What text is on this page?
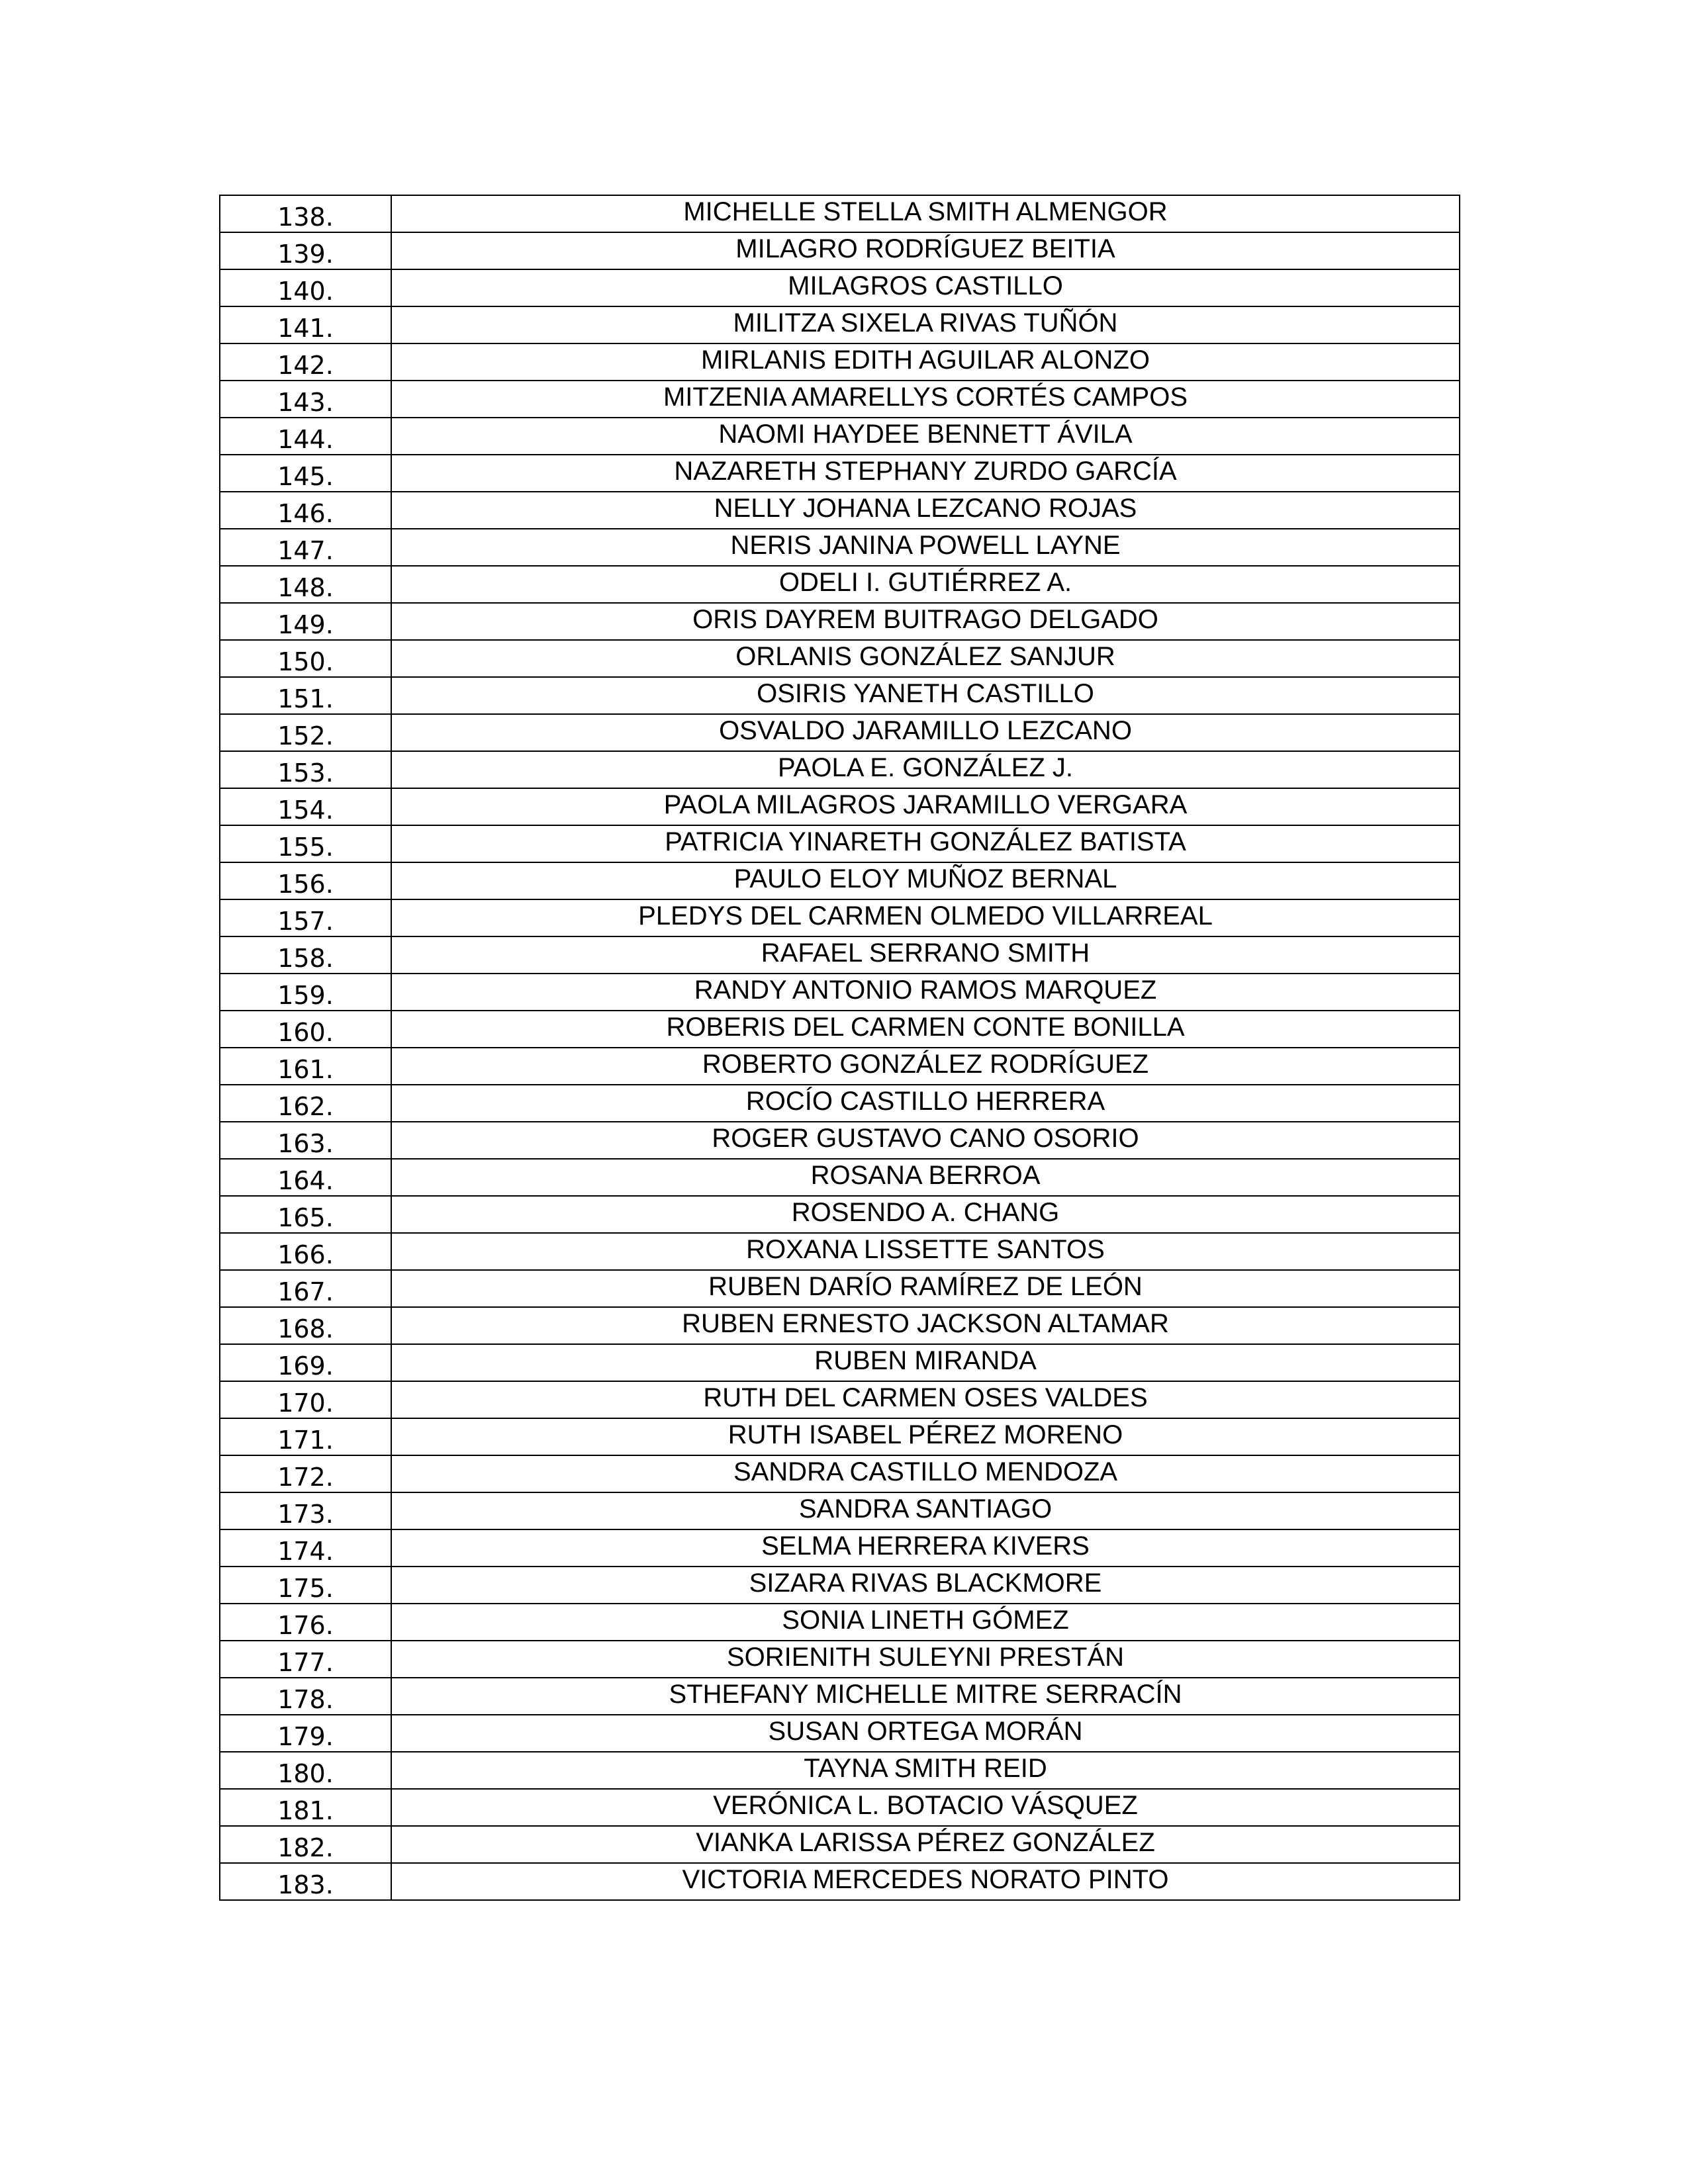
138.	MICHELLE STELLA SMITH ALMENGOR
139.	MILAGRO RODRÍGUEZ BEITIA
140.	MILAGROS CASTILLO
141.	MILITZA SIXELA RIVAS TUÑÓN
142.	MIRLANIS EDITH AGUILAR ALONZO
143.	MITZENIA AMARELLYS CORTÉS CAMPOS
144.	NAOMI HAYDEE BENNETT ÁVILA
145.	NAZARETH STEPHANY ZURDO GARCÍA
146.	NELLY JOHANA LEZCANO ROJAS
147.	NERIS JANINA POWELL LAYNE
148.	ODELI I. GUTIÉRREZ A.
149.	ORIS DAYREM BUITRAGO DELGADO
150.	ORLANIS GONZÁLEZ SANJUR
151.	OSIRIS YANETH CASTILLO
152.	OSVALDO JARAMILLO LEZCANO
153.	PAOLA E. GONZÁLEZ J.
154.	PAOLA MILAGROS JARAMILLO VERGARA
155.	PATRICIA YINARETH GONZÁLEZ BATISTA
156.	PAULO ELOY MUÑOZ BERNAL
157.	PLEDYS DEL CARMEN OLMEDO VILLARREAL
158.	RAFAEL SERRANO SMITH
159.	RANDY ANTONIO RAMOS MARQUEZ
160.	ROBERIS DEL CARMEN CONTE BONILLA
161.	ROBERTO GONZÁLEZ RODRÍGUEZ
162.	ROCÍO CASTILLO HERRERA
163.	ROGER GUSTAVO CANO OSORIO
164.	ROSANA BERROA
165.	ROSENDO A. CHANG
166.	ROXANA LISSETTE SANTOS
167.	RUBEN DARÍO RAMÍREZ DE LEÓN
168.	RUBEN ERNESTO JACKSON ALTAMAR
169.	RUBEN MIRANDA
170.	RUTH DEL CARMEN OSES VALDES
171.	RUTH ISABEL PÉREZ MORENO
172.	SANDRA CASTILLO MENDOZA
173.	SANDRA SANTIAGO
174.	SELMA HERRERA KIVERS
175.	SIZARA RIVAS BLACKMORE
176.	SONIA LINETH GÓMEZ
177.	SORIENITH SULEYNI PRESTÁN
178.	STHEFANY MICHELLE MITRE SERRACÍN
179.	SUSAN ORTEGA MORÁN
180.	TAYNA SMITH REID
181.	VERÓNICA L. BOTACIO VÁSQUEZ
182.	VIANKA LARISSA PÉREZ GONZÁLEZ
183.	VICTORIA MERCEDES NORATO PINTO
